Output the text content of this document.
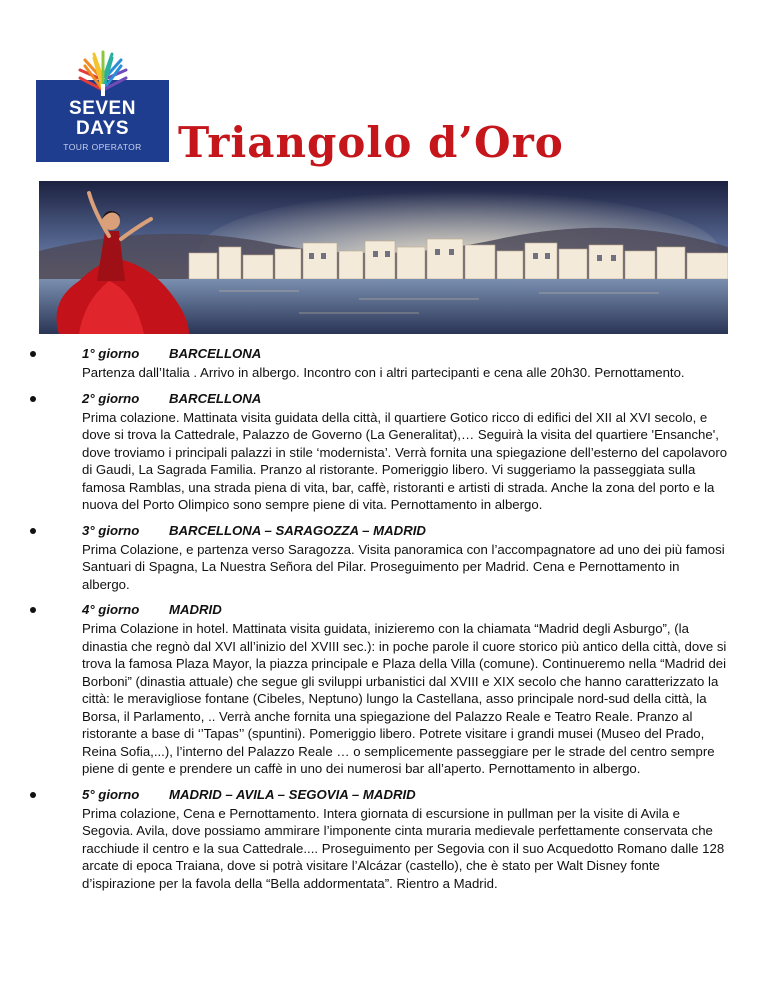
SEVEN
DAYS
TOUR OPERATOR Triangolo d’Oro
1° giorno BARCELLONA

Partenza dall’Italia . Arrivo in albergo. Incontro con i altri partecipanti e cena alle 20h30. Pernottamento.

2° giorno BARCELLONA

Prima colazione. Mattinata visita guidata della città, il quartiere Gotico ricco di edifici del XII al XVI secolo, e dove si trova la Cattedrale, Palazzo de Governo (La Generalitat),… Seguirà la visita del quartiere 'Ensanche', dove troviamo i principali palazzi in stile ‘modernista’. Verrà fornita una spiegazione dell’esterno del capolavoro di Gaudi, La Sagrada Familia. Pranzo al ristorante. Pomeriggio libero. Vi suggeriamo la passeggiata sulla famosa Ramblas, una strada piena di vita, bar, caffè, ristoranti e artisti di strada. Anche la zona del porto e la nuova del Porto Olimpico sono sempre piene di vita. Pernottamento in albergo.

3° giorno BARCELLONA – SARAGOZZA – MADRID

Prima Colazione, e partenza verso Saragozza. Visita panoramica con l’accompagnatore ad uno dei più famosi Santuari di Spagna, La Nuestra Señora del Pilar. Proseguimento per Madrid. Cena e Pernottamento in albergo.

4° giorno MADRID

Prima Colazione in hotel. Mattinata visita guidata, inizieremo con la chiamata “Madrid degli Asburgo”, (la dinastia che regnò dal XVI all’inizio del XVIII sec.): in poche parole il cuore storico più antico della città, dove si trova la famosa Plaza Mayor, la piazza principale e Plaza della Villa (comune). Continueremo nella “Madrid dei Borboni” (dinastia attuale) che segue gli sviluppi urbanistici dal XVIII e XIX secolo che hanno caratterizzato la città: le meravigliose fontane (Cibeles, Neptuno) lungo la Castellana, asso principale nord-sud della città, la Borsa, il Parlamento, .. Verrà anche fornita una spiegazione del Palazzo Reale e Teatro Reale. Pranzo al ristorante a base di ‘’Tapas’’ (spuntini). Pomeriggio libero. Potrete visitare i grandi musei (Museo del Prado, Reina Sofia,...), l’interno del Palazzo Reale … o semplicemente passeggiare per le strade del centro sempre piene di gente e prendere un caffè in uno dei numerosi bar all’aperto. Pernottamento in albergo.

5° giorno MADRID – AVILA – SEGOVIA – MADRID

Prima colazione, Cena e Pernottamento. Intera giornata di escursione in pullman per la visite di Avila e Segovia. Avila, dove possiamo ammirare l’imponente cinta muraria medievale perfettamente conservata che racchiude il centro e la sua Cattedrale.... Proseguimento per Segovia con il suo Acquedotto Romano dalle 128 arcate di epoca Traiana, dove si potrà visitare l’Alcázar (castello), che è stato per Walt Disney fonte d’ispirazione per la favola della “Bella addormentata”. Rientro a Madrid.
